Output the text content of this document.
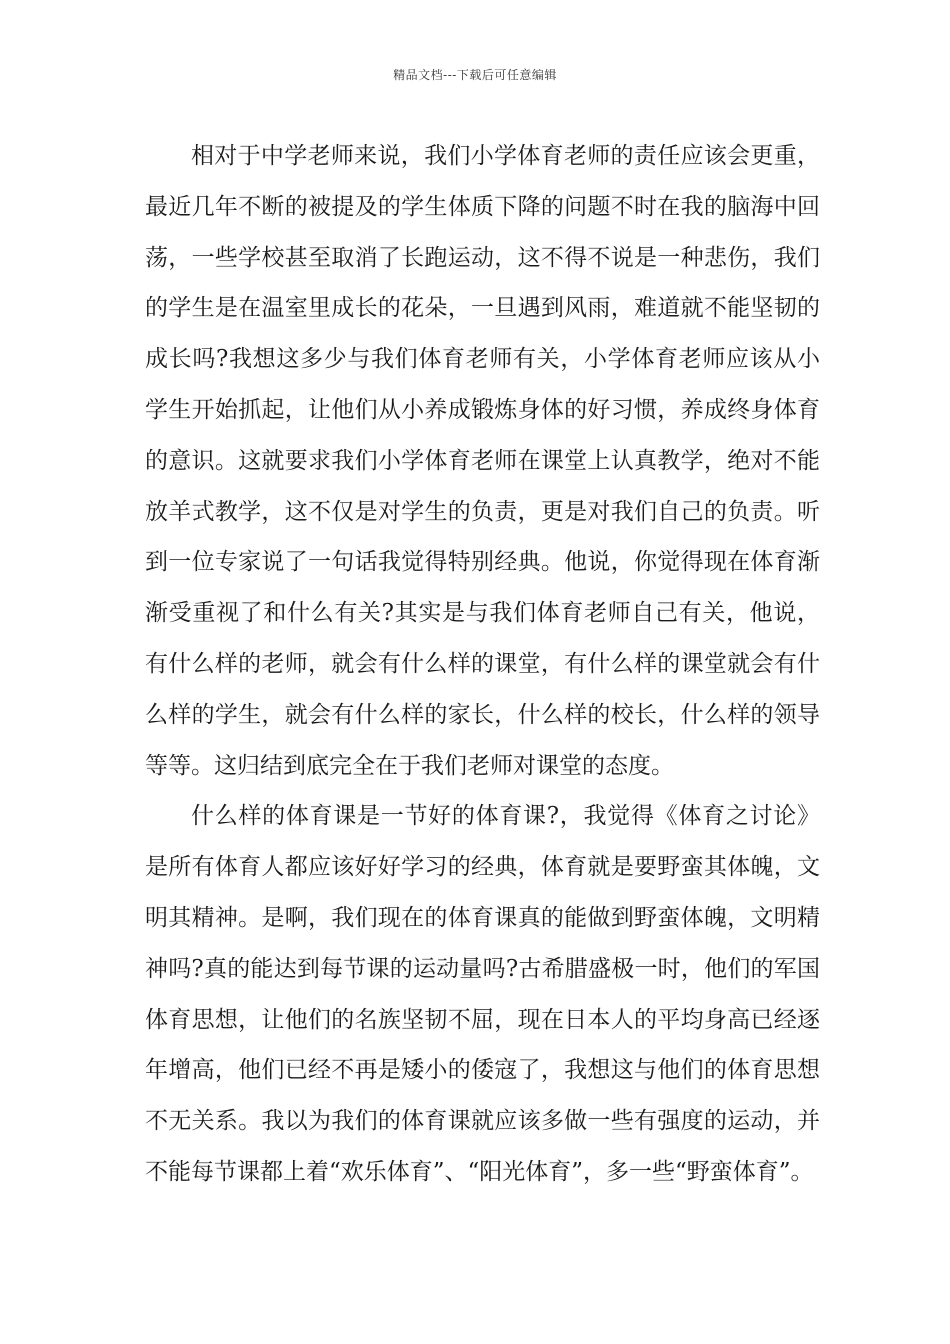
精品文档---下载后可任意编辑

相对于中学老师来说，我们小学体育老师的责任应该会更重，最近几年不断的被提及的学生体质下降的问题不时在我的脑海中回荡，一些学校甚至取消了长跑运动，这不得不说是一种悲伤，我们的学生是在温室里成长的花朵，一旦遇到风雨，难道就不能坚韧的成长吗?我想这多少与我们体育老师有关，小学体育老师应该从小学生开始抓起，让他们从小养成锻炼身体的好习惯，养成终身体育的意识。这就要求我们小学体育老师在课堂上认真教学，绝对不能放羊式教学，这不仅是对学生的负责，更是对我们自己的负责。听到一位专家说了一句话我觉得特别经典。他说，你觉得现在体育渐渐受重视了和什么有关?其实是与我们体育老师自己有关，他说，有什么样的老师，就会有什么样的课堂，有什么样的课堂就会有什么样的学生，就会有什么样的家长，什么样的校长，什么样的领导等等。这归结到底完全在于我们老师对课堂的态度。

什么样的体育课是一节好的体育课?，我觉得《体育之讨论》是所有体育人都应该好好学习的经典，体育就是要野蛮其体魄，文明其精神。是啊，我们现在的体育课真的能做到野蛮体魄，文明精神吗?真的能达到每节课的运动量吗?古希腊盛极一时，他们的军国体育思想，让他们的名族坚韧不屈，现在日本人的平均身高已经逐年增高，他们已经不再是矮小的倭寇了，我想这与他们的体育思想不无关系。我以为我们的体育课就应该多做一些有强度的运动，并不能每节课都上着“欢乐体育”、“阳光体育”，多一些“野蛮体育”。
